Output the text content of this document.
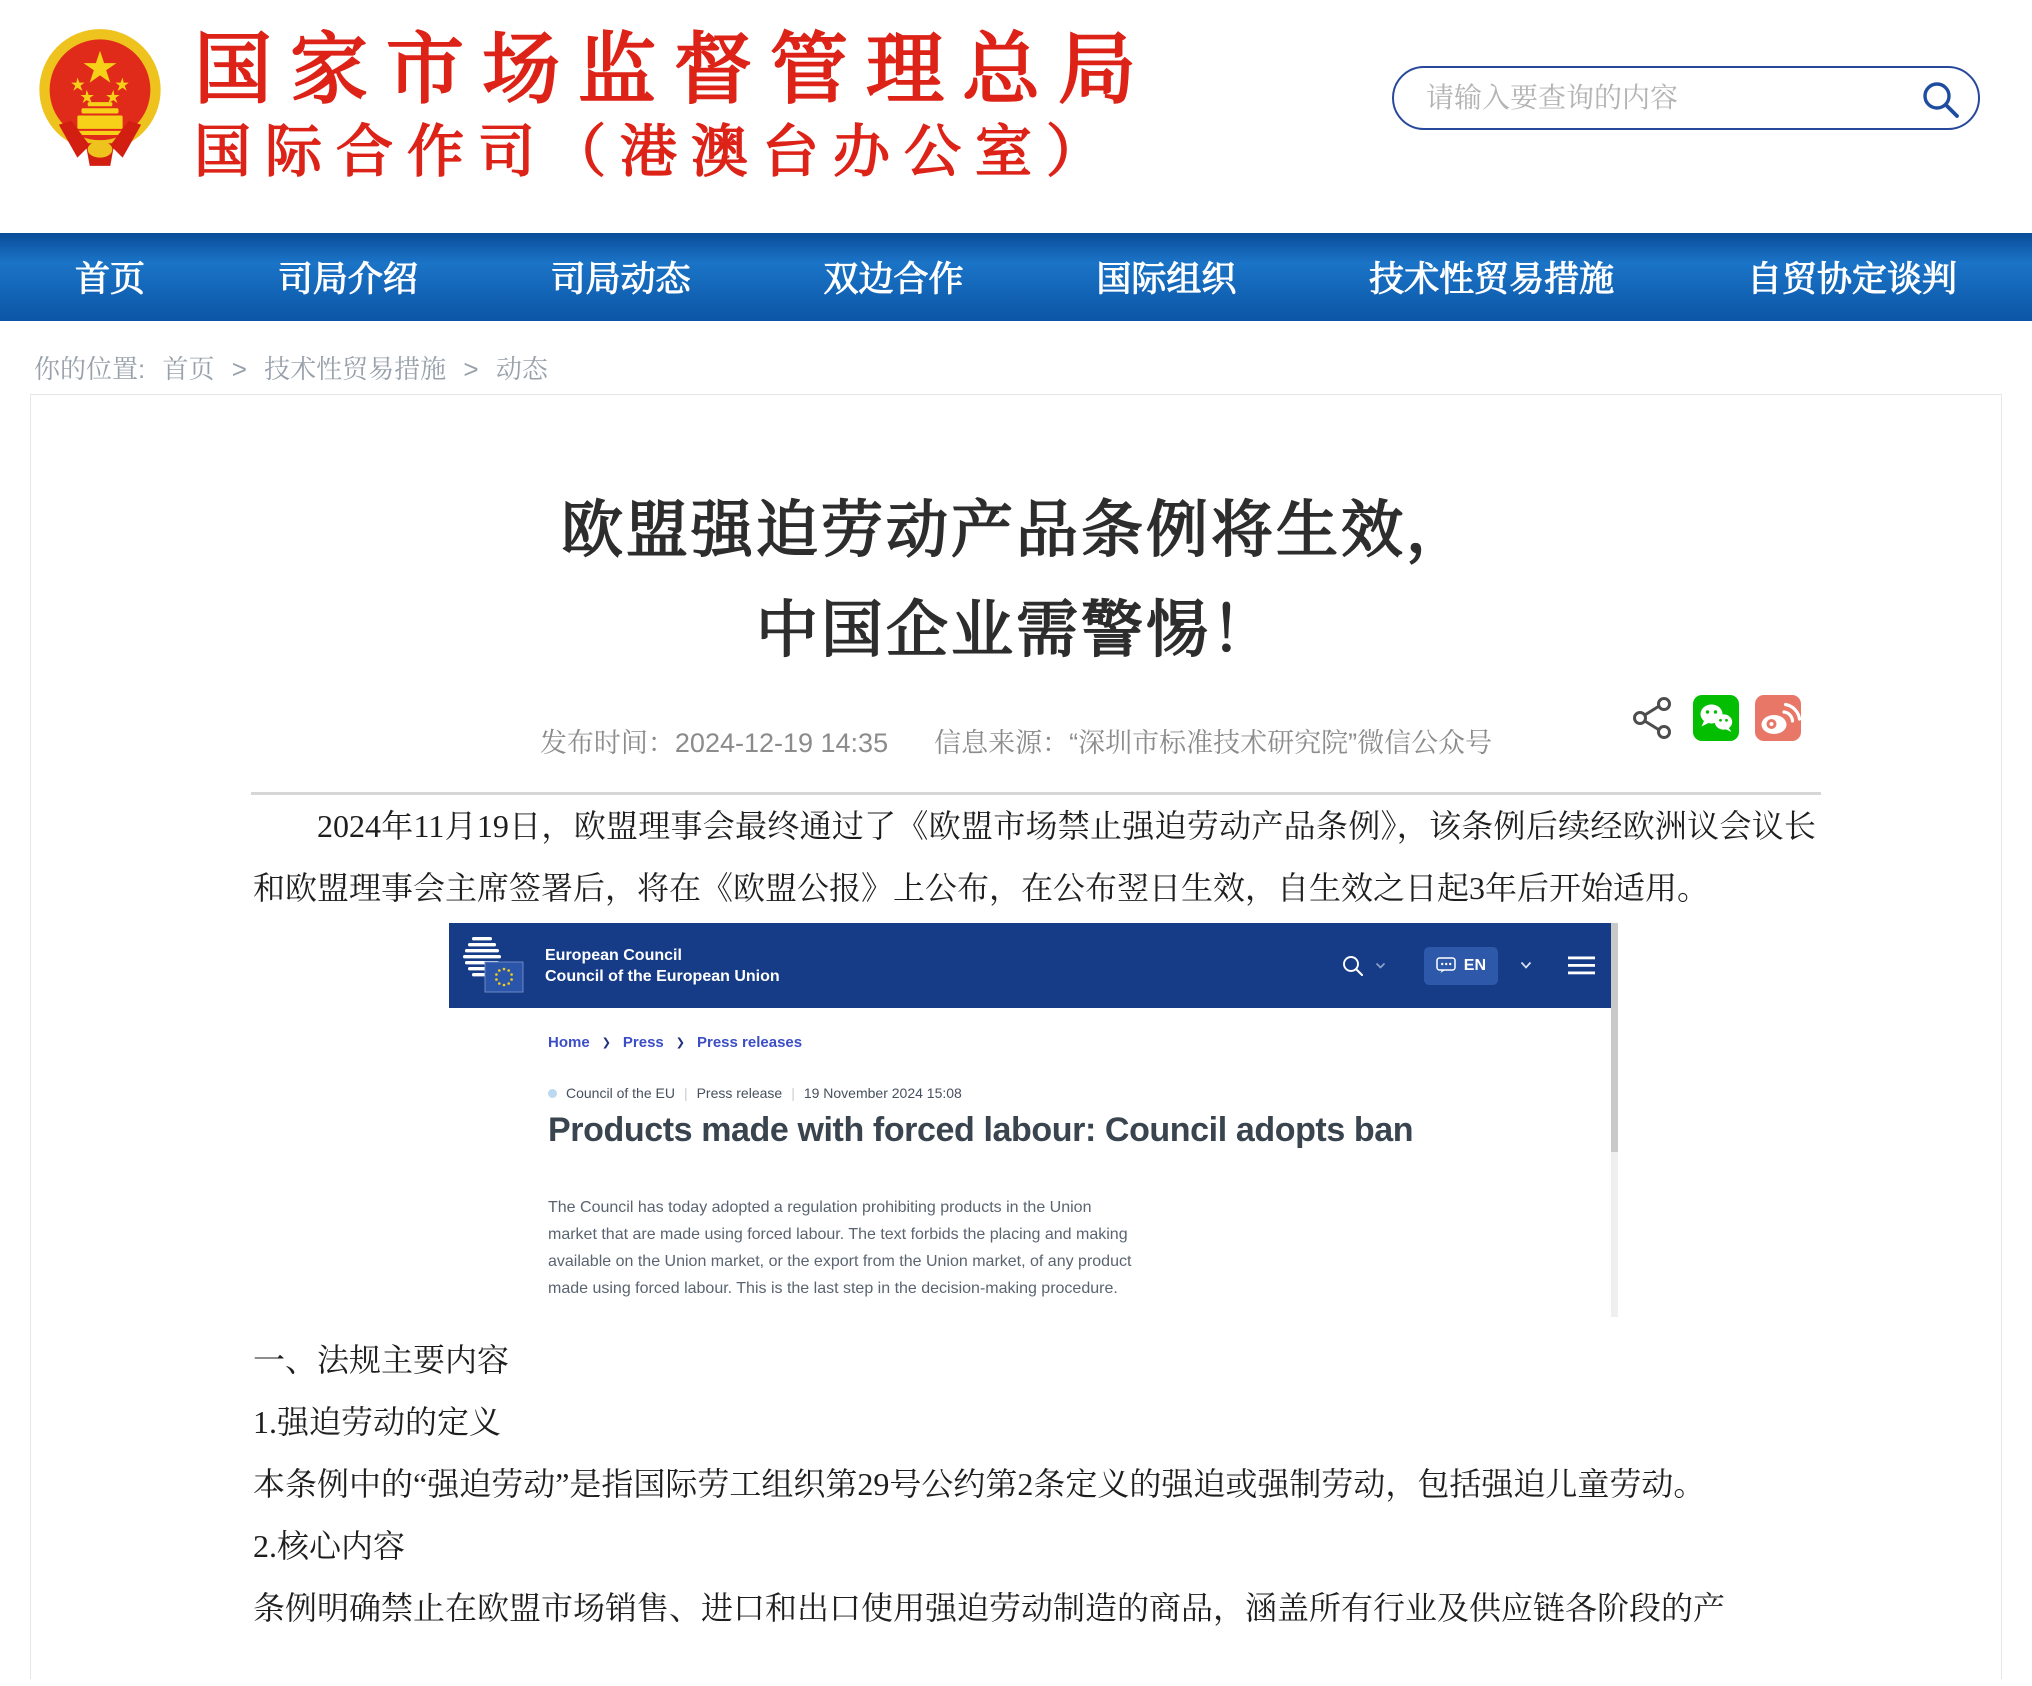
国家市场监督管理总局
国际合作司（港澳台办公室）
请输入要查询的内容
首页	司局介绍	司局动态	双边合作	国际组织	技术性贸易措施	自贸协定谈判
你的位置: 首页 > 技术性贸易措施 > 动态
欧盟强迫劳动产品条例将生效，
中国企业需警惕！
发布时间：2024-12-19 14:35 信息来源：“深圳市标准技术研究院”微信公众号

2024年11月19日，欧盟理事会最终通过了《欧盟市场禁止强迫劳动产品条例》，该条例后续经欧洲议会议长和欧盟理事会主席签署后，将在《欧盟公报》上公布，在公布翌日生效，自生效之日起3年后开始适用。

European Council
Council of the European Union
EN
Home ❯ Press ❯ Press releases
Council of the EU | Press release | 19 November 2024 15:08
Products made with forced labour: Council adopts ban
The Council has today adopted a regulation prohibiting products in the Union
market that are made using forced labour. The text forbids the placing and making
available on the Union market, or the export from the Union market, of any product
made using forced labour. This is the last step in the decision-making procedure.

一、法规主要内容

1.强迫劳动的定义

本条例中的“强迫劳动”是指国际劳工组织第29号公约第2条定义的强迫或强制劳动，包括强迫儿童劳动。

2.核心内容

条例明确禁止在欧盟市场销售、进口和出口使用强迫劳动制造的商品，涵盖所有行业及供应链各阶段的产
